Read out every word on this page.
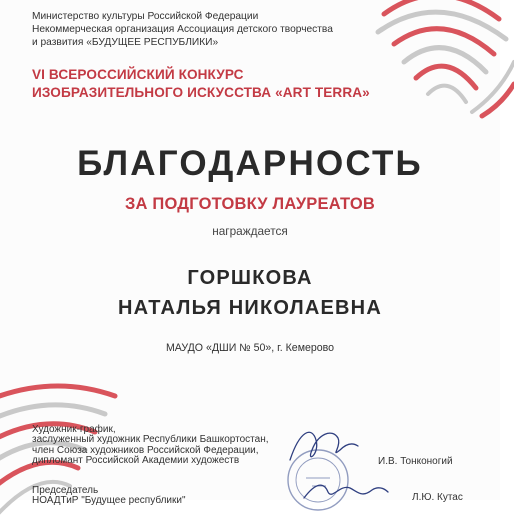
Министерство культуры Российской Федерации
Некоммерческая организация Ассоциация детского творчества
и развития «БУДУЩЕЕ РЕСПУБЛИКИ»
VI ВСЕРОССИЙСКИЙ КОНКУРС
ИЗОБРАЗИТЕЛЬНОГО ИСКУССТВА «ART TERRA»
БЛАГОДАРНОСТЬ
ЗА ПОДГОТОВКУ ЛАУРЕАТОВ
награждается
ГОРШКОВА
НАТАЛЬЯ НИКОЛАЕВНА
МАУДО «ДШИ № 50», г. Кемерово
Художник-график,
заслуженный художник Республики Башкортостан,
член Союза художников Российской Федерации,
дипломант Российской Академии художеств	И.В. Тонконогий
Председатель
НОАДТиР "Будущее республики"	Л.Ю. Кутас
